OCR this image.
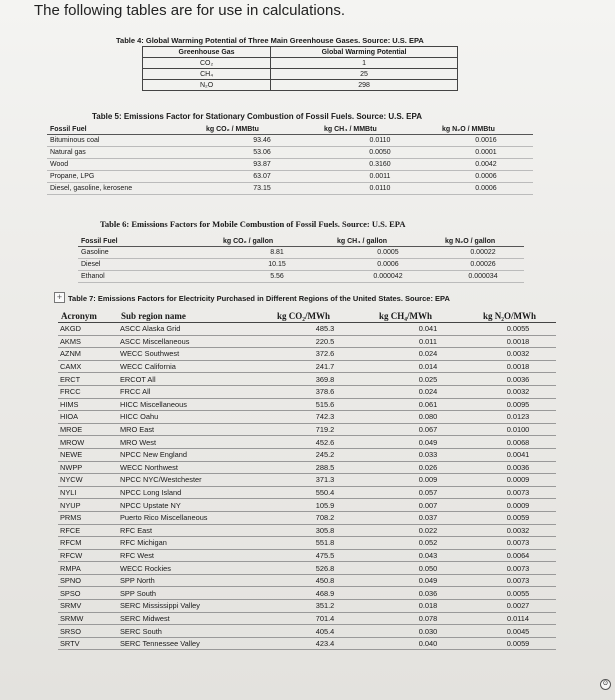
The following tables are for use in calculations.
Table 4: Global Warming Potential of Three Main Greenhouse Gases. Source: U.S. EPA
Greenhouse Gas	Global Warming Potential
CO₂	1
CH₄	25
N₂O	298
Table 5: Emissions Factor for Stationary Combustion of Fossil Fuels. Source: U.S. EPA
Fossil Fuel	kg CO₂ / MMBtu	kg CH₄ / MMBtu	kg N₂O / MMBtu
Bituminous coal	93.46	0.0110	0.0016
Natural gas	53.06	0.0050	0.0001
Wood	93.87	0.3160	0.0042
Propane, LPG	63.07	0.0011	0.0006
Diesel, gasoline, kerosene	73.15	0.0110	0.0006
Table 6: Emissions Factors for Mobile Combustion of Fossil Fuels. Source: U.S. EPA
Fossil Fuel	kg CO₂ / gallon	kg CH₄ / gallon	kg N₂O / gallon
Gasoline	8.81	0.0005	0.00022
Diesel	10.15	0.0006	0.00026
Ethanol	5.56	0.000042	0.000034
+ Table 7: Emissions Factors for Electricity Purchased in Different Regions of the United States. Source: EPA
Acronym	Sub region name	kg CO₂/MWh	kg CH₄/MWh	kg N₂O/MWh
AKGD	ASCC Alaska Grid	485.3	0.041	0.0055
AKMS	ASCC Miscellaneous	220.5	0.011	0.0018
AZNM	WECC Southwest	372.6	0.024	0.0032
CAMX	WECC California	241.7	0.014	0.0018
ERCT	ERCOT All	369.8	0.025	0.0036
FRCC	FRCC All	378.6	0.024	0.0032
HIMS	HICC Miscellaneous	515.6	0.061	0.0095
HIOA	HICC Oahu	742.3	0.080	0.0123
MROE	MRO East	719.2	0.067	0.0100
MROW	MRO West	452.6	0.049	0.0068
NEWE	NPCC New England	245.2	0.033	0.0041
NWPP	WECC Northwest	288.5	0.026	0.0036
NYCW	NPCC NYC/Westchester	371.3	0.009	0.0009
NYLI	NPCC Long Island	550.4	0.057	0.0073
NYUP	NPCC Upstate NY	105.9	0.007	0.0009
PRMS	Puerto Rico Miscellaneous	708.2	0.037	0.0059
RFCE	RFC East	305.8	0.022	0.0032
RFCM	RFC Michigan	551.8	0.052	0.0073
RFCW	RFC West	475.5	0.043	0.0064
RMPA	WECC Rockies	526.8	0.050	0.0073
SPNO	SPP North	450.8	0.049	0.0073
SPSO	SPP South	468.9	0.036	0.0055
SRMV	SERC Mississippi Valley	351.2	0.018	0.0027
SRMW	SERC Midwest	701.4	0.078	0.0114
SRSO	SERC South	405.4	0.030	0.0045
SRTV	SERC Tennessee Valley	423.4	0.040	0.0059
ʘ
